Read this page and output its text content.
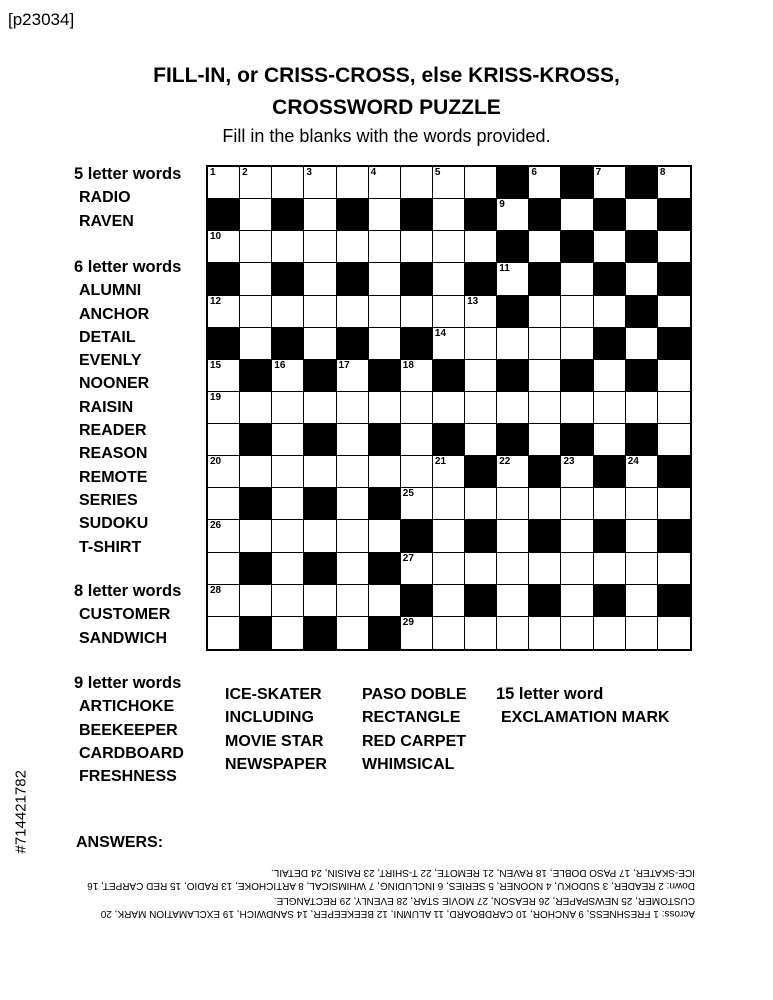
[p23034]
FILL-IN, or CRISS-CROSS, else KRISS-KROSS,
CROSSWORD PUZZLE
Fill in the blanks with the words provided.
5 letter words
RADIO
RAVEN
6 letter words
ALUMNI
ANCHOR
DETAIL
EVENLY
NOONER
RAISIN
READER
REASON
REMOTE
SERIES
SUDOKU
T-SHIRT
8 letter words
CUSTOMER
SANDWICH
9 letter words
ARTICHOKE
BEEKEEPER
CARDBOARD
FRESHNESS
ICE-SKATER
INCLUDING
MOVIE STAR
NEWSPAPER
PASO DOBLE
RECTANGLE
RED CARPET
WHIMSICAL
15 letter word
EXCLAMATION MARK
1	2	3	4	5	6	7	8
9
10
11
12	13
14
15	16	17	18
19
20	21	22	23	24
25
26
27
28
29
ANSWERS:

Across: 1 FRESHNESS, 9 ANCHOR, 10 CARDBOARD, 11 ALUMNI, 12 BEEKEEPER, 14 SANDWICH, 19 EXCLAMATION MARK, 20 CUSTOMER, 25 NEWSPAPER, 26 REASON, 27 MOVIE STAR, 28 EVENLY, 29 RECTANGLE.

Down: 2 READER, 3 SUDOKU, 4 NOONER, 5 SERIES, 6 INCLUDING, 7 WHIMSICAL, 8 ARTICHOKE, 13 RADIO, 15 RED CARPET, 16 ICE-SKATER, 17 PASO DOBLE, 18 RAVEN, 21 REMOTE, 22 T-SHIRT, 23 RAISIN, 24 DETAIL.

#714421782
